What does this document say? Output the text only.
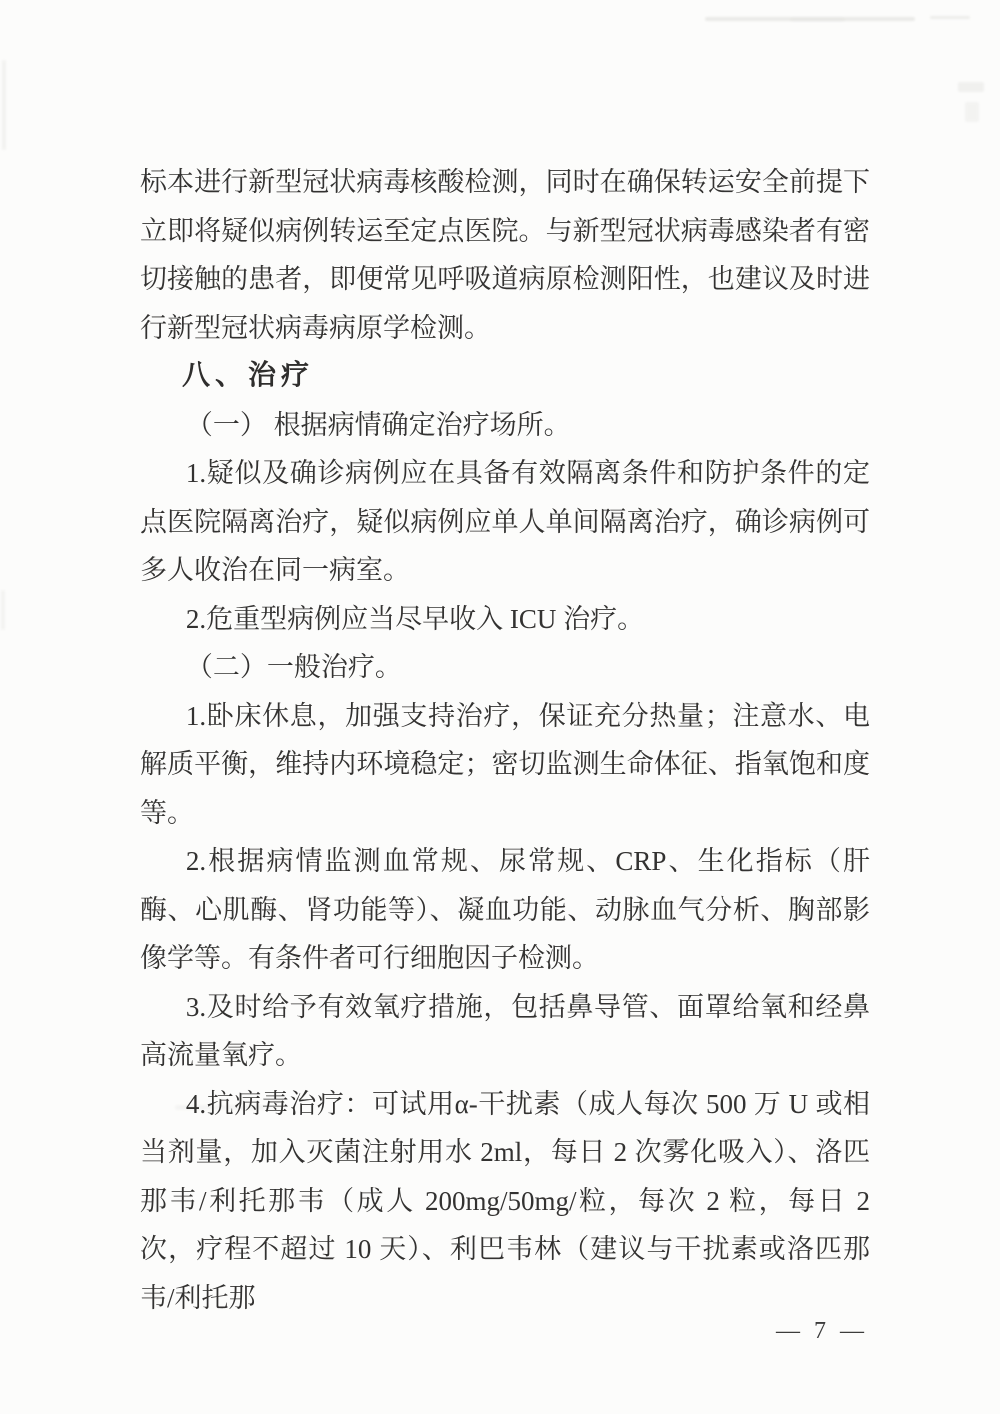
标本进行新型冠状病毒核酸检测，同时在确保转运安全前提下立即将疑似病例转运至定点医院。与新型冠状病毒感染者有密切接触的患者，即便常见呼吸道病原检测阳性，也建议及时进行新型冠状病毒病原学检测。

八、治疗

（一） 根据病情确定治疗场所。

1.疑似及确诊病例应在具备有效隔离条件和防护条件的定点医院隔离治疗，疑似病例应单人单间隔离治疗，确诊病例可多人收治在同一病室。

2.危重型病例应当尽早收入 ICU 治疗。

（二）一般治疗。

1.卧床休息，加强支持治疗，保证充分热量；注意水、电解质平衡，维持内环境稳定；密切监测生命体征、指氧饱和度等。

2.根据病情监测血常规、尿常规、CRP、生化指标（肝酶、心肌酶、肾功能等）、凝血功能、动脉血气分析、胸部影像学等。有条件者可行细胞因子检测。

3.及时给予有效氧疗措施，包括鼻导管、面罩给氧和经鼻高流量氧疗。

4.抗病毒治疗：可试用α-干扰素（成人每次 500 万 U 或相当剂量，加入灭菌注射用水 2ml，每日 2 次雾化吸入）、洛匹那韦/利托那韦（成人 200mg/50mg/粒，每次 2 粒，每日 2 次，疗程不超过 10 天）、利巴韦林（建议与干扰素或洛匹那韦/利托那

— 7 —
